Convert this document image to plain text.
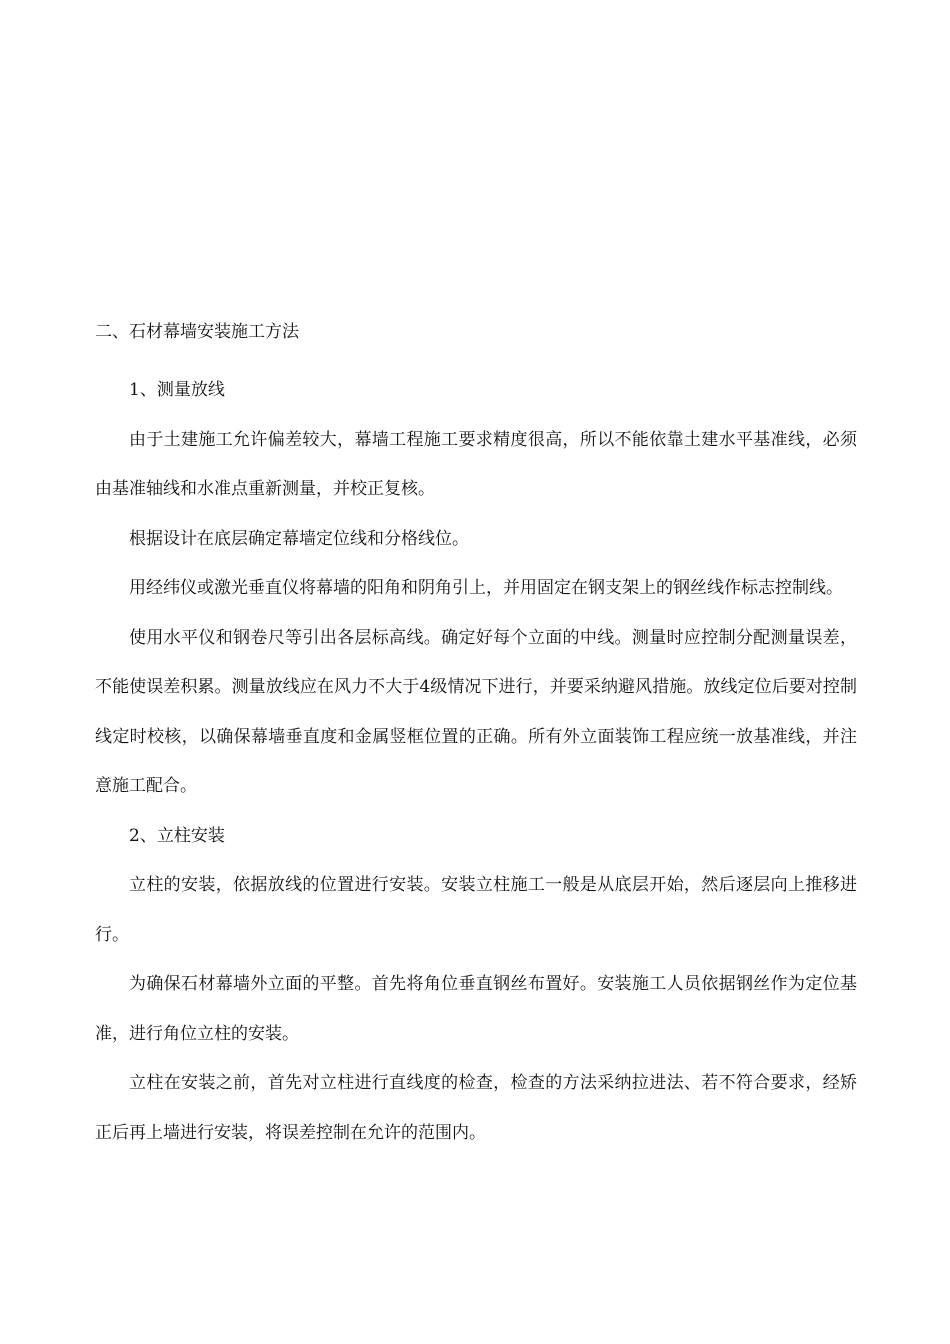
二、石材幕墙安装施工方法

1、测量放线

由于土建施工允许偏差较大，幕墙工程施工要求精度很高，所以不能依靠土建水平基准线，必须由基准轴线和水准点重新测量，并校正复核。

根据设计在底层确定幕墙定位线和分格线位。

用经纬仪或激光垂直仪将幕墙的阳角和阴角引上，并用固定在钢支架上的钢丝线作标志控制线。

使用水平仪和钢卷尺等引出各层标高线。确定好每个立面的中线。测量时应控制分配测量误差，不能使误差积累。测量放线应在风力不大于4级情况下进行，并要采纳避风措施。放线定位后要对控制线定时校核，以确保幕墙垂直度和金属竖框位置的正确。所有外立面装饰工程应统一放基准线，并注意施工配合。

2、立柱安装

立柱的安装，依据放线的位置进行安装。安装立柱施工一般是从底层开始，然后逐层向上推移进行。

为确保石材幕墙外立面的平整。首先将角位垂直钢丝布置好。安装施工人员依据钢丝作为定位基准，进行角位立柱的安装。

立柱在安装之前，首先对立柱进行直线度的检查，检查的方法采纳拉进法、若不符合要求，经矫正后再上墙进行安装，将误差控制在允许的范围内。
